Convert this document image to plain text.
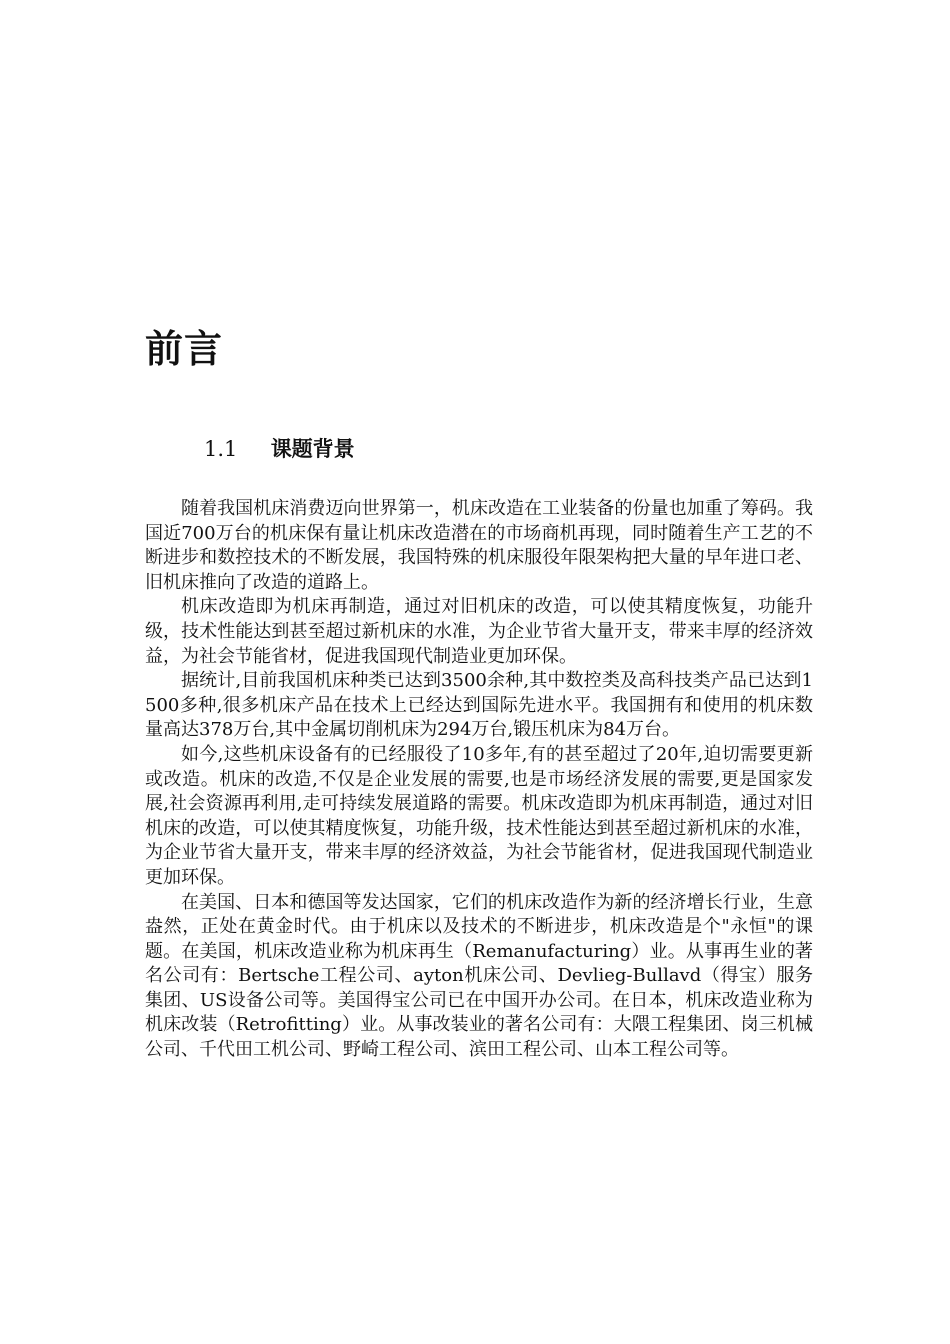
前言
1.1 课题背景

随着我国机床消费迈向世界第一，机床改造在工业装备的份量也加重了筹码。我国近700万台的机床保有量让机床改造潜在的市场商机再现，同时随着生产工艺的不断进步和数控技术的不断发展，我国特殊的机床服役年限架构把大量的早年进口老、旧机床推向了改造的道路上。

机床改造即为机床再制造，通过对旧机床的改造，可以使其精度恢复，功能升级，技术性能达到甚至超过新机床的水准，为企业节省大量开支，带来丰厚的经济效益，为社会节能省材，促进我国现代制造业更加环保。

据统计,目前我国机床种类已达到3500余种,其中数控类及高科技类产品已达到1500多种,很多机床产品在技术上已经达到国际先进水平。我国拥有和使用的机床数量高达378万台,其中金属切削机床为294万台,锻压机床为84万台。

如今,这些机床设备有的已经服役了10多年,有的甚至超过了20年,迫切需要更新或改造。机床的改造,不仅是企业发展的需要,也是市场经济发展的需要,更是国家发展,社会资源再利用,走可持续发展道路的需要。机床改造即为机床再制造，通过对旧机床的改造，可以使其精度恢复，功能升级，技术性能达到甚至超过新机床的水准，为企业节省大量开支，带来丰厚的经济效益，为社会节能省材，促进我国现代制造业更加环保。

在美国、日本和德国等发达国家，它们的机床改造作为新的经济增长行业，生意盎然，正处在黄金时代。由于机床以及技术的不断进步，机床改造是个"永恒"的课题。在美国，机床改造业称为机床再生（Remanufacturing）业。从事再生业的著名公司有：Bertsche工程公司、ayton机床公司、Devlieg-Bullavd（得宝）服务集团、US设备公司等。美国得宝公司已在中国开办公司。在日本，机床改造业称为机床改装（Retrofitting）业。从事改装业的著名公司有：大隈工程集团、岗三机械公司、千代田工机公司、野崎工程公司、滨田工程公司、山本工程公司等。
